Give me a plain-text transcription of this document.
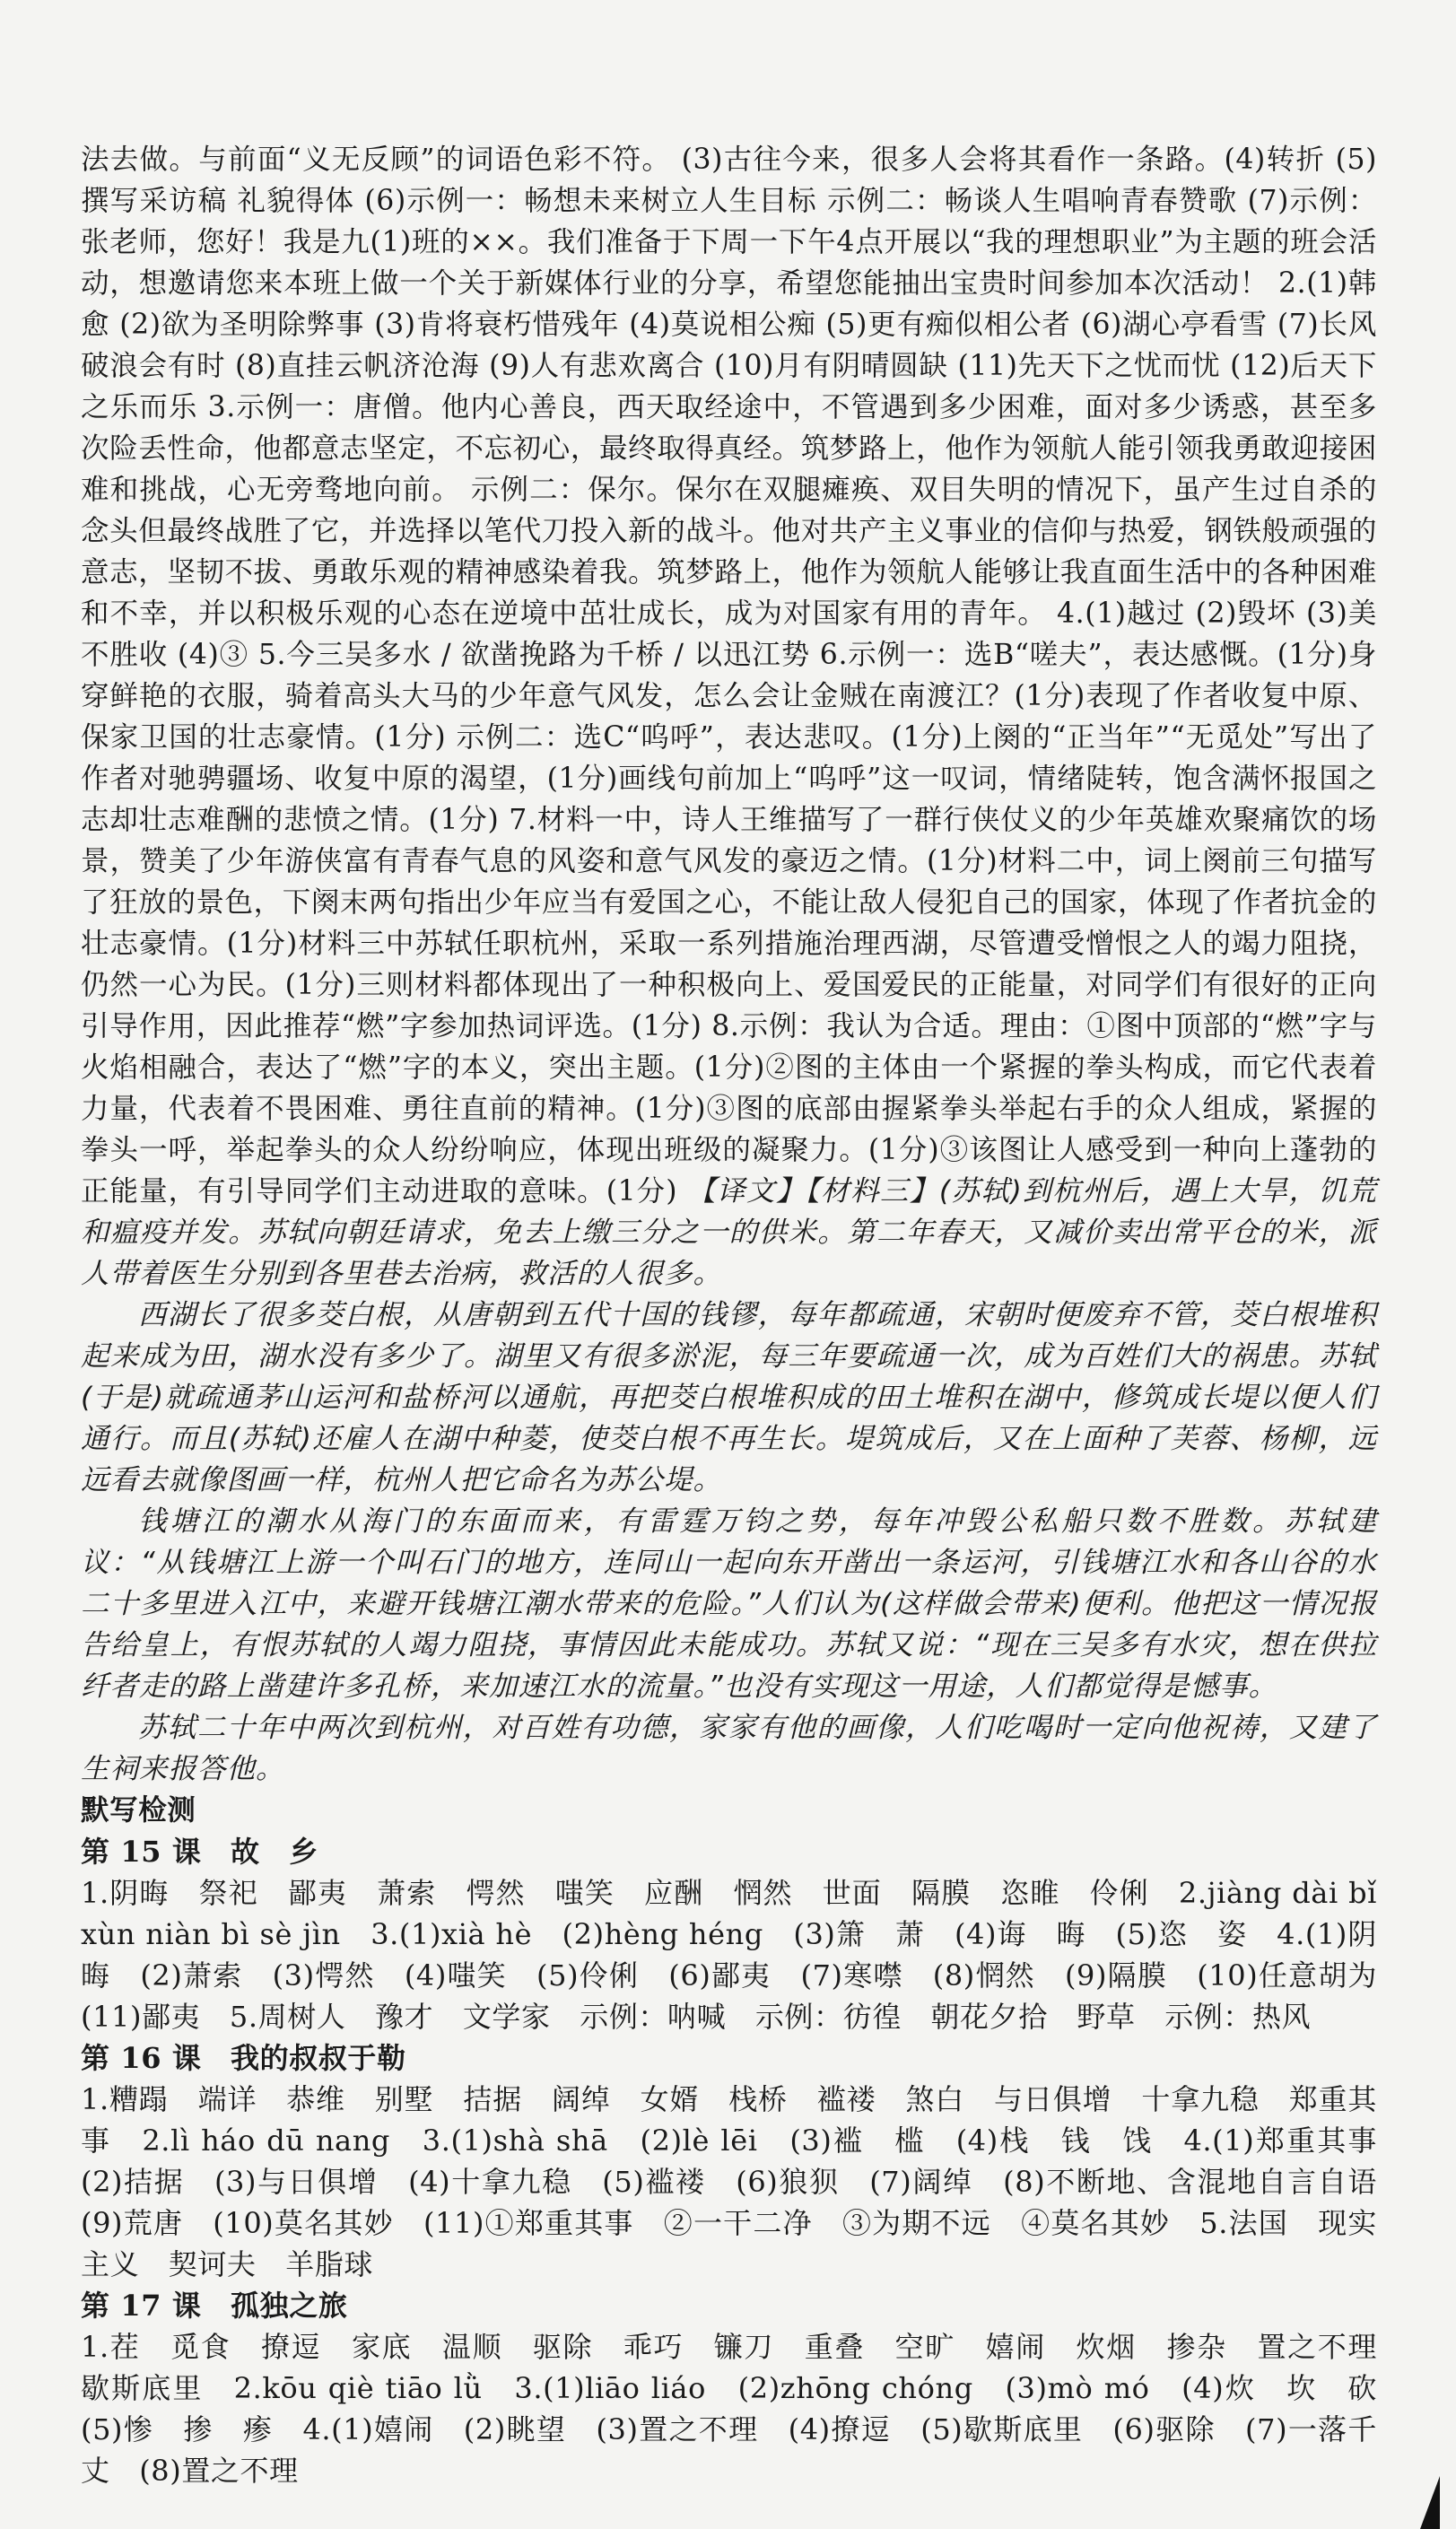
法去做。与前面“义无反顾”的词语色彩不符。 (3)古往今来，很多人会将其看作一条路。(4)转折 (5)撰写采访稿 礼貌得体 (6)示例一：畅想未来树立人生目标 示例二：畅谈人生唱响青春赞歌 (7)示例：张老师，您好！我是九(1)班的××。我们准备于下周一下午4点开展以“我的理想职业”为主题的班会活动，想邀请您来本班上做一个关于新媒体行业的分享，希望您能抽出宝贵时间参加本次活动！ 2.(1)韩愈 (2)欲为圣明除弊事 (3)肯将衰朽惜残年 (4)莫说相公痴 (5)更有痴似相公者 (6)湖心亭看雪 (7)长风破浪会有时 (8)直挂云帆济沧海 (9)人有悲欢离合 (10)月有阴晴圆缺 (11)先天下之忧而忧 (12)后天下之乐而乐 3.示例一：唐僧。他内心善良，西天取经途中，不管遇到多少困难，面对多少诱惑，甚至多次险丢性命，他都意志坚定，不忘初心，最终取得真经。筑梦路上，他作为领航人能引领我勇敢迎接困难和挑战，心无旁骛地向前。 示例二：保尔。保尔在双腿瘫痪、双目失明的情况下，虽产生过自杀的念头但最终战胜了它，并选择以笔代刀投入新的战斗。他对共产主义事业的信仰与热爱，钢铁般顽强的意志，坚韧不拔、勇敢乐观的精神感染着我。筑梦路上，他作为领航人能够让我直面生活中的各种困难和不幸，并以积极乐观的心态在逆境中茁壮成长，成为对国家有用的青年。 4.(1)越过 (2)毁坏 (3)美不胜收 (4)③ 5.今三吴多水 / 欲凿挽路为千桥 / 以迅江势 6.示例一：选B“嗟夫”，表达感慨。(1分)身穿鲜艳的衣服，骑着高头大马的少年意气风发，怎么会让金贼在南渡江？(1分)表现了作者收复中原、保家卫国的壮志豪情。(1分) 示例二：选C“呜呼”，表达悲叹。(1分)上阕的“正当年”“无觅处”写出了作者对驰骋疆场、收复中原的渴望，(1分)画线句前加上“呜呼”这一叹词，情绪陡转，饱含满怀报国之志却壮志难酬的悲愤之情。(1分) 7.材料一中，诗人王维描写了一群行侠仗义的少年英雄欢聚痛饮的场景，赞美了少年游侠富有青春气息的风姿和意气风发的豪迈之情。(1分)材料二中，词上阕前三句描写了狂放的景色，下阕末两句指出少年应当有爱国之心，不能让敌人侵犯自己的国家，体现了作者抗金的壮志豪情。(1分)材料三中苏轼任职杭州，采取一系列措施治理西湖，尽管遭受憎恨之人的竭力阻挠，仍然一心为民。(1分)三则材料都体现出了一种积极向上、爱国爱民的正能量，对同学们有很好的正向引导作用，因此推荐“燃”字参加热词评选。(1分) 8.示例：我认为合适。理由：①图中顶部的“燃”字与火焰相融合，表达了“燃”字的本义，突出主题。(1分)②图的主体由一个紧握的拳头构成，而它代表着力量，代表着不畏困难、勇往直前的精神。(1分)③图的底部由握紧拳头举起右手的众人组成，紧握的拳头一呼，举起拳头的众人纷纷响应，体现出班级的凝聚力。(1分)③该图让人感受到一种向上蓬勃的正能量，有引导同学们主动进取的意味。(1分) 【译文】【材料三】(苏轼)到杭州后，遇上大旱，饥荒和瘟疫并发。苏轼向朝廷请求，免去上缴三分之一的供米。第二年春天，又减价卖出常平仓的米，派人带着医生分别到各里巷去治病，救活的人很多。

西湖长了很多茭白根，从唐朝到五代十国的钱镠，每年都疏通，宋朝时便废弃不管，茭白根堆积起来成为田，湖水没有多少了。湖里又有很多淤泥，每三年要疏通一次，成为百姓们大的祸患。苏轼(于是)就疏通茅山运河和盐桥河以通航，再把茭白根堆积成的田土堆积在湖中，修筑成长堤以便人们通行。而且(苏轼)还雇人在湖中种菱，使茭白根不再生长。堤筑成后，又在上面种了芙蓉、杨柳，远远看去就像图画一样，杭州人把它命名为苏公堤。

钱塘江的潮水从海门的东面而来，有雷霆万钧之势，每年冲毁公私船只数不胜数。苏轼建议：“从钱塘江上游一个叫石门的地方，连同山一起向东开凿出一条运河，引钱塘江水和各山谷的水二十多里进入江中，来避开钱塘江潮水带来的危险。”人们认为(这样做会带来)便利。他把这一情况报告给皇上，有恨苏轼的人竭力阻挠，事情因此未能成功。苏轼又说：“现在三吴多有水灾，想在供拉纤者走的路上凿建许多孔桥，来加速江水的流量。”也没有实现这一用途，人们都觉得是憾事。

苏轼二十年中两次到杭州，对百姓有功德，家家有他的画像，人们吃喝时一定向他祝祷，又建了生祠来报答他。

默写检测

第 15 课　故　乡

1.阴晦　祭祀　鄙夷　萧索　愕然　嗤笑　应酬　惘然　世面　隔膜　恣睢　伶俐　2.jiàng dài bǐ xùn niàn bì sè jìn　3.(1)xià hè　(2)hèng héng　(3)箫　萧　(4)诲　晦　(5)恣　姿　4.(1)阴晦　(2)萧索　(3)愕然　(4)嗤笑　(5)伶俐　(6)鄙夷　(7)寒噤　(8)惘然　(9)隔膜　(10)任意胡为　(11)鄙夷　5.周树人　豫才　文学家　示例：呐喊　示例：彷徨　朝花夕拾　野草　示例：热风

第 16 课　我的叔叔于勒

1.糟蹋　端详　恭维　别墅　拮据　阔绰　女婿　栈桥　褴褛　煞白　与日俱增　十拿九稳　郑重其事　2.lì háo dū nang　3.(1)shà shā　(2)lè lēi　(3)褴　槛　(4)栈　钱　饯　4.(1)郑重其事　(2)拮据　(3)与日俱增　(4)十拿九稳　(5)褴褛　(6)狼狈　(7)阔绰　(8)不断地、含混地自言自语　(9)荒唐　(10)莫名其妙　(11)①郑重其事　②一干二净　③为期不远　④莫名其妙　5.法国　现实主义　契诃夫　羊脂球

第 17 课　孤独之旅

1.茬　觅食　撩逗　家底　温顺　驱除　乖巧　镰刀　重叠　空旷　嬉闹　炊烟　掺杂　置之不理　歇斯底里　2.kōu qiè tiāo lǜ　3.(1)liāo liáo　(2)zhōng chóng　(3)mò mó　(4)炊　坎　砍　(5)惨　掺　瘆　4.(1)嬉闹　(2)眺望　(3)置之不理　(4)撩逗　(5)歇斯底里　(6)驱除　(7)一落千丈　(8)置之不理
